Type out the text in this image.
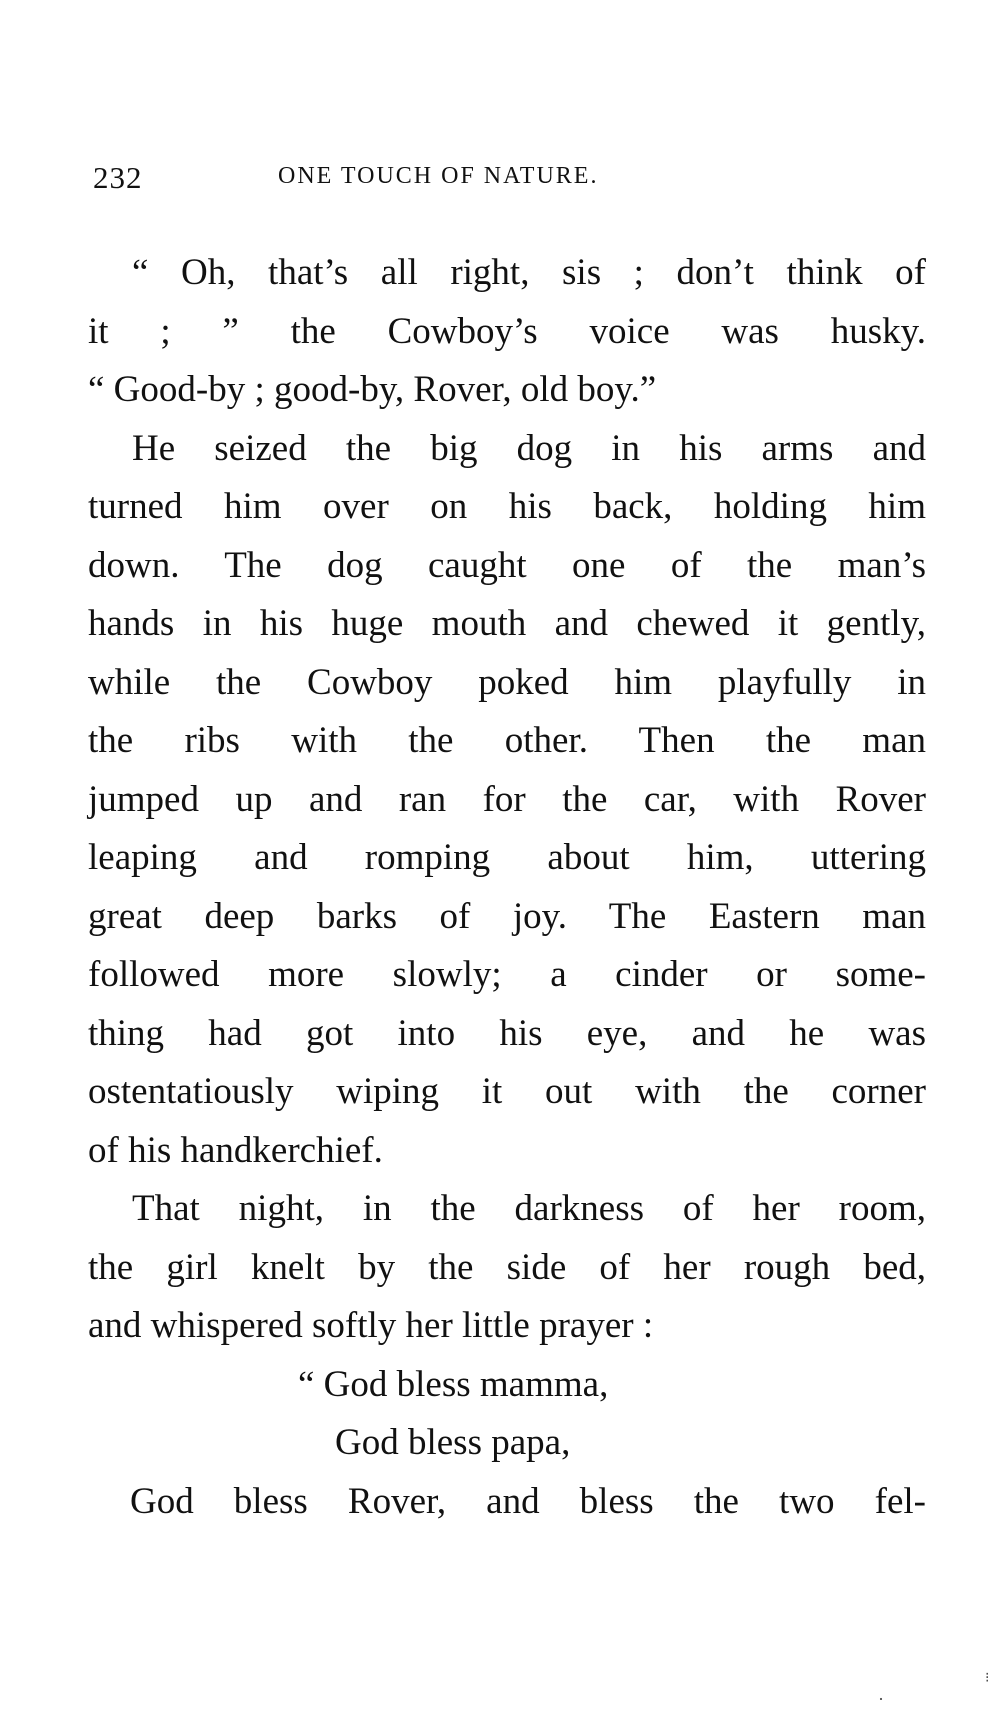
232	ONE TOUCH OF NATURE.
“ Oh, that’s all right, sis ; don’t think of
it ; ” the Cowboy’s voice was husky.
“ Good-by ; good-by, Rover, old boy.”
He seized the big dog in his arms and
turned him over on his back, holding him
down. The dog caught one of the man’s
hands in his huge mouth and chewed it gently,
while the Cowboy poked him playfully in
the ribs with the other. Then the man
jumped up and ran for the car, with Rover
leaping and romping about him, uttering
great deep barks of joy. The Eastern man
followed more slowly; a cinder or some-
thing had got into his eye, and he was
ostentatiously wiping it out with the corner
of his handkerchief.
That night, in the darkness of her room,
the girl knelt by the side of her rough bed,
and whispered softly her little prayer :
“ God bless mamma,
God bless papa,
God bless Rover, and bless the two fel-
·
⁝
